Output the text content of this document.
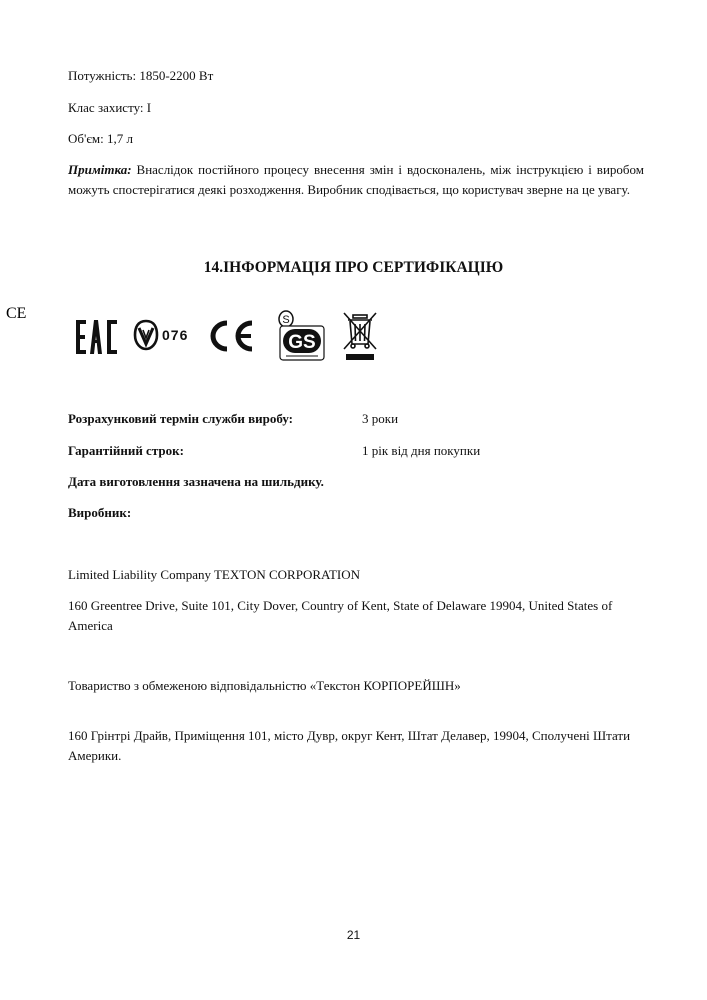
Потужність: 1850-2200 Вт
Клас захисту: I
Об'єм: 1,7 л
Примітка: Внаслідок постійного процесу внесення змін і вдосконалень, між інструкцією і виробом можуть спостерігатися деякі розходження. Виробник сподівається, що користувач зверне на це увагу.
14.ІНФОРМАЦІЯ ПРО СЕРТИФІКАЦІЮ
076
CE	S
GS
Розрахунковий термін служби виробу:	3 роки
Гарантійний строк:	1 рік від дня покупки
Дата виготовлення зазначена на шильдику.
Виробник:
Limited Liability Company TEXTON CORPORATION
160 Greentree Drive, Suite 101, City Dover, Country of Kent, State of Delaware 19904, United States of America
Товариство з обмеженою відповідальністю «Текстон КОРПОРЕЙШН»
160 Грінтрі Драйв, Приміщення 101, місто Дувр, округ Кент, Штат Делавер, 19904, Сполучені Штати Америки.
21
